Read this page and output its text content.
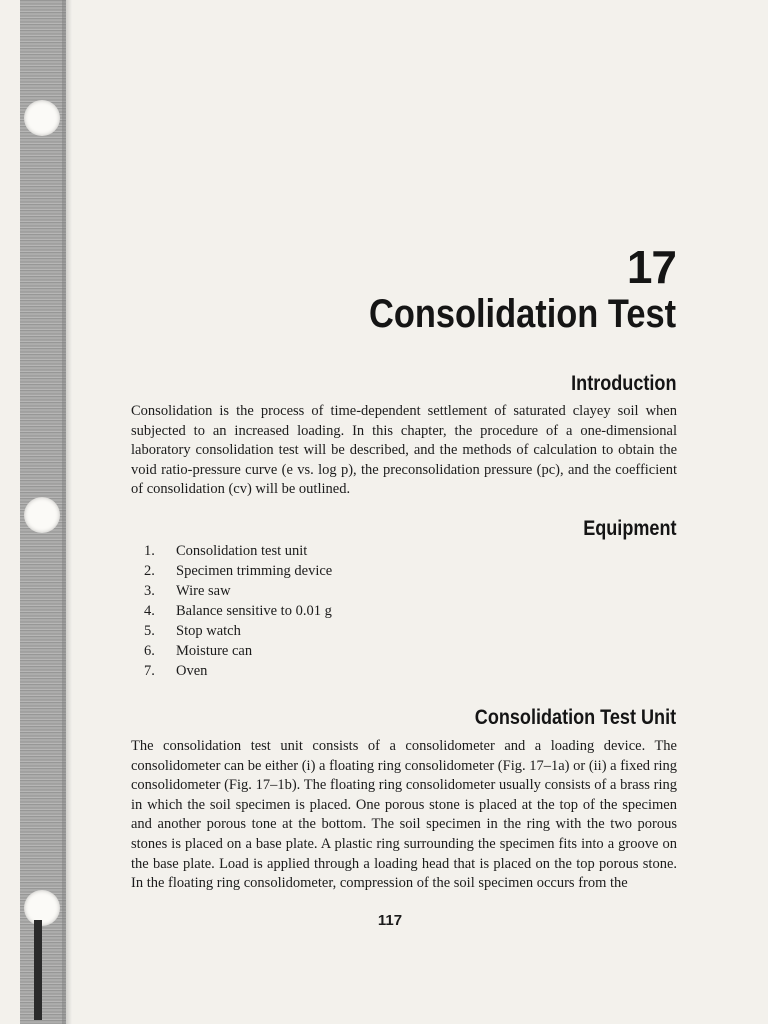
17
Consolidation Test
Introduction

Consolidation is the process of time-dependent settlement of saturated clayey soil when subjected to an increased loading. In this chapter, the procedure of a one-dimensional laboratory consolidation test will be described, and the methods of calculation to obtain the void ratio-pressure curve (e vs. log p), the preconsolidation pressure (pc), and the coefficient of consolidation (cv) will be outlined.

Equipment
1.	Consolidation test unit
2.	Specimen trimming device
3.	Wire saw
4.	Balance sensitive to 0.01 g
5.	Stop watch
6.	Moisture can
7.	Oven
Consolidation Test Unit

The consolidation test unit consists of a consolidometer and a loading device. The consolidometer can be either (i) a floating ring consolidometer (Fig. 17–1a) or (ii) a fixed ring consolidometer (Fig. 17–1b). The floating ring consolidometer usually consists of a brass ring in which the soil specimen is placed. One porous stone is placed at the top of the specimen and another porous tone at the bottom. The soil specimen in the ring with the two porous stones is placed on a base plate. A plastic ring surrounding the specimen fits into a groove on the base plate. Load is applied through a loading head that is placed on the top porous stone. In the floating ring consolidometer, compression of the soil specimen occurs from the

117
